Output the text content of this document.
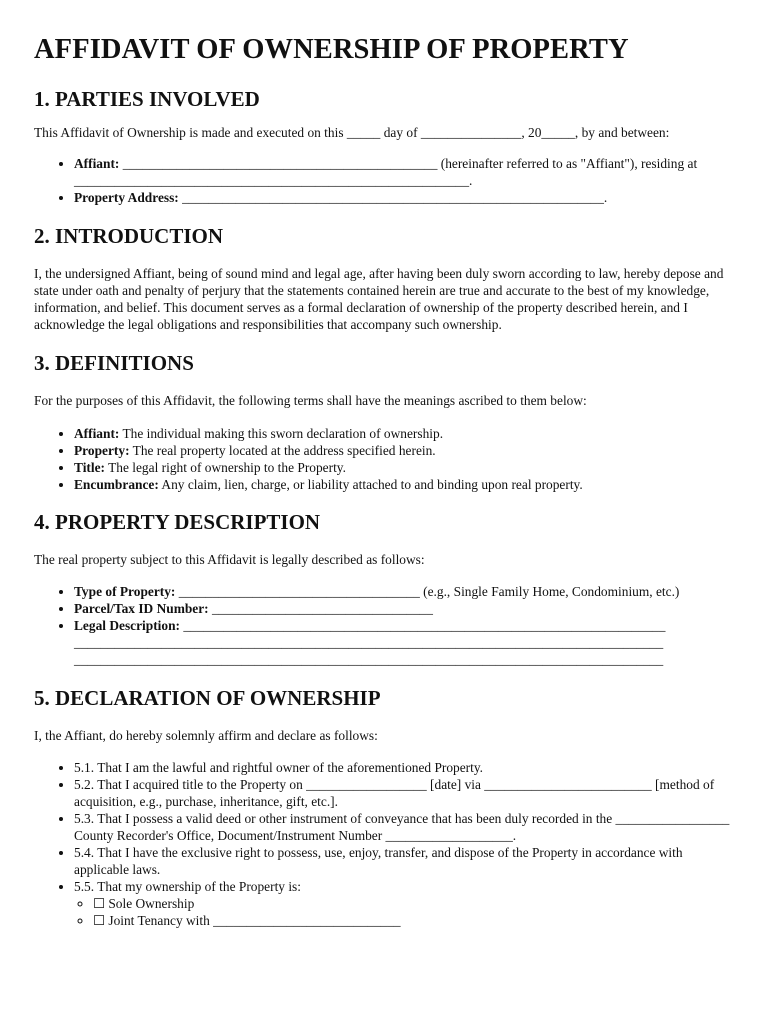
AFFIDAVIT OF OWNERSHIP OF PROPERTY
1. PARTIES INVOLVED

This Affidavit of Ownership is made and executed on this _____ day of _______________, 20_____, by and between:

• Affiant: _______________________________________________ (hereinafter referred to as "Affiant"), residing at ___________________________________________________________.
• Property Address: _______________________________________________________________.
2. INTRODUCTION

I, the undersigned Affiant, being of sound mind and legal age, after having been duly sworn according to law, hereby depose and state under oath and penalty of perjury that the statements contained herein are true and accurate to the best of my knowledge, information, and belief. This document serves as a formal declaration of ownership of the property described herein, and I acknowledge the legal obligations and responsibilities that accompany such ownership.

3. DEFINITIONS

For the purposes of this Affidavit, the following terms shall have the meanings ascribed to them below:

• Affiant: The individual making this sworn declaration of ownership.
• Property: The real property located at the address specified herein.
• Title: The legal right of ownership to the Property.
• Encumbrance: Any claim, lien, charge, or liability attached to and binding upon real property.
4. PROPERTY DESCRIPTION

The real property subject to this Affidavit is legally described as follows:

• Type of Property: ____________________________________ (e.g., Single Family Home, Condominium, etc.)
• Parcel/Tax ID Number: _________________________________
• Legal Description: ________________________________________________________________________ ________________________________________________________________________________________ ________________________________________________________________________________________
5. DECLARATION OF OWNERSHIP

I, the Affiant, do hereby solemnly affirm and declare as follows:

• 5.1. That I am the lawful and rightful owner of the aforementioned Property.
• 5.2. That I acquired title to the Property on __________________ [date] via _________________________ [method of acquisition, e.g., purchase, inheritance, gift, etc.].
• 5.3. That I possess a valid deed or other instrument of conveyance that has been duly recorded in the _________________ County Recorder's Office, Document/Instrument Number ___________________.
• 5.4. That I have the exclusive right to possess, use, enjoy, transfer, and dispose of the Property in accordance with applicable laws.
• 5.5. That my ownership of the Property is:
◦ ☐ Sole Ownership
◦ ☐ Joint Tenancy with ____________________________
